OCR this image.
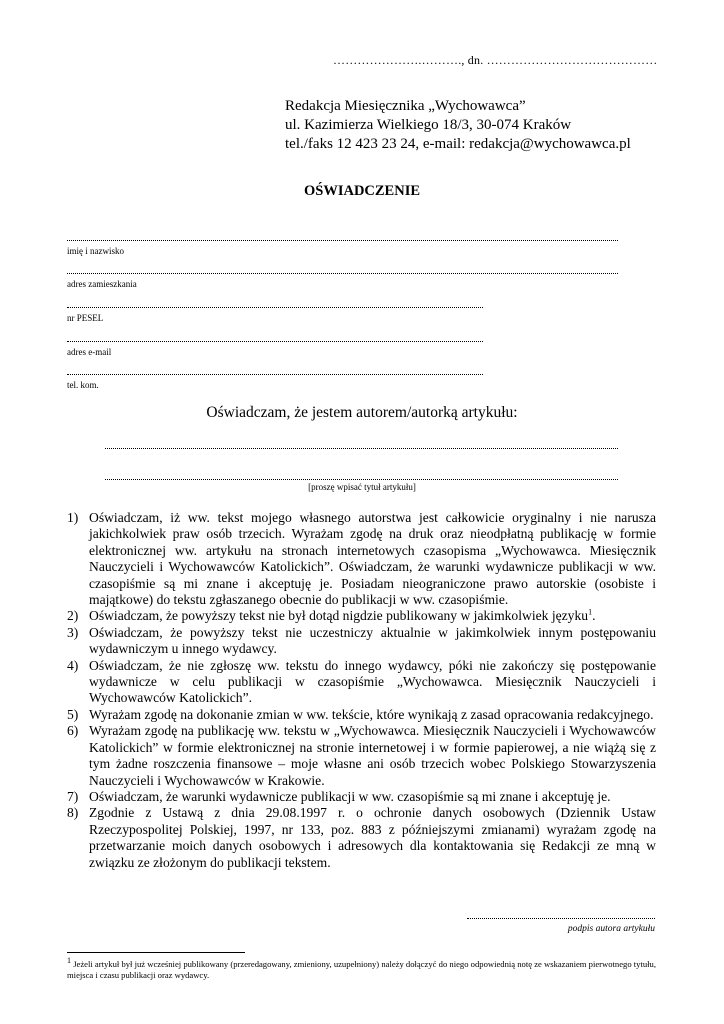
………………….………., dn. ……………………………………
Redakcja Miesięcznika „Wychowawca”
ul. Kazimierza Wielkiego 18/3, 30-074 Kraków
tel./faks 12 423 23 24, e-mail: redakcja@wychowawca.pl
OŚWIADCZENIE
imię i nazwisko
adres zamieszkania
nr PESEL
adres e-mail
tel. kom.
Oświadczam, że jestem autorem/autorką artykułu:
[proszę wpisać tytuł artykułu]
1) Oświadczam, iż ww. tekst mojego własnego autorstwa jest całkowicie oryginalny i nie narusza jakichkolwiek praw osób trzecich. Wyrażam zgodę na druk oraz nieodpłatną publikację w formie elektronicznej ww. artykułu na stronach internetowych czasopisma „Wychowawca. Miesięcznik Nauczycieli i Wychowawców Katolickich”. Oświadczam, że warunki wydawnicze publikacji w ww. czasopiśmie są mi znane i akceptuję je. Posiadam nieograniczone prawo autorskie (osobiste i majątkowe) do tekstu zgłaszanego obecnie do publikacji w ww. czasopiśmie.
2) Oświadczam, że powyższy tekst nie był dotąd nigdzie publikowany w jakimkolwiek języku$^1$.
3) Oświadczam, że powyższy tekst nie uczestniczy aktualnie w jakimkolwiek innym postępowaniu wydawniczym u innego wydawcy.
4) Oświadczam, że nie zgłoszę ww. tekstu do innego wydawcy, póki nie zakończy się postępowanie wydawnicze w celu publikacji w czasopiśmie „Wychowawca. Miesięcznik Nauczycieli i Wychowawców Katolickich”.
5) Wyrażam zgodę na dokonanie zmian w ww. tekście, które wynikają z zasad opracowania redakcyjnego.
6) Wyrażam zgodę na publikację ww. tekstu w „Wychowawca. Miesięcznik Nauczycieli i Wychowawców Katolickich” w formie elektronicznej na stronie internetowej i w formie papierowej, a nie wiążą się z tym żadne roszczenia finansowe – moje własne ani osób trzecich wobec Polskiego Stowarzyszenia Nauczycieli i Wychowawców w Krakowie.
7) Oświadczam, że warunki wydawnicze publikacji w ww. czasopiśmie są mi znane i akceptuję je.
8) Zgodnie z Ustawą z dnia 29.08.1997 r. o ochronie danych osobowych (Dziennik Ustaw Rzeczypospolitej Polskiej, 1997, nr 133, poz. 883 z późniejszymi zmianami) wyrażam zgodę na przetwarzanie moich danych osobowych i adresowych dla kontaktowania się Redakcji ze mną w związku ze złożonym do publikacji tekstem.
podpis autora artykułu
$^1$ Jeżeli artykuł był już wcześniej publikowany (przeredagowany, zmieniony, uzupełniony) należy dołączyć do niego odpowiednią notę ze wskazaniem pierwotnego tytułu, miejsca i czasu publikacji oraz wydawcy.
